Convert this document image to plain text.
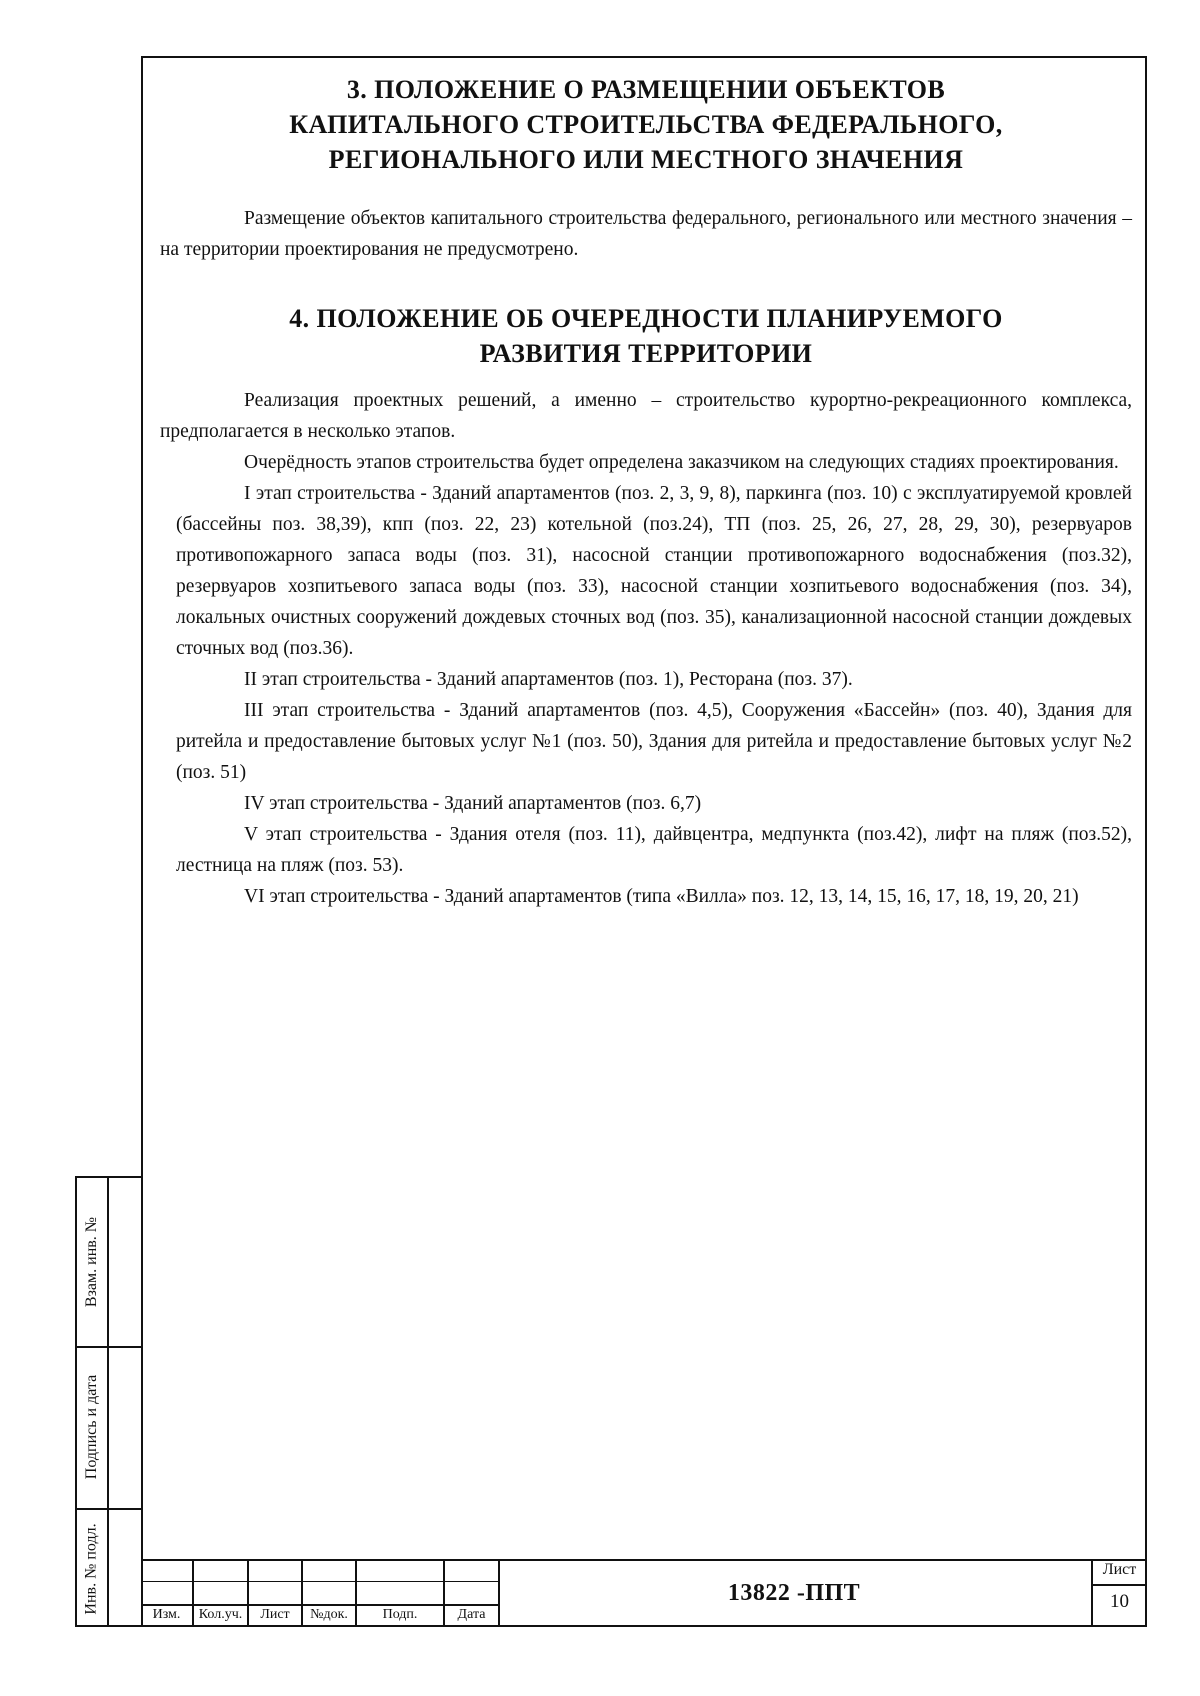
3. ПОЛОЖЕНИЕ О РАЗМЕЩЕНИИ ОБЪЕКТОВ
КАПИТАЛЬНОГО СТРОИТЕЛЬСТВА ФЕДЕРАЛЬНОГО,
РЕГИОНАЛЬНОГО ИЛИ МЕСТНОГО ЗНАЧЕНИЯ

Размещение объектов капитального строительства федерального, регионального или местного значения – на территории проектирования не предусмотрено.

4. ПОЛОЖЕНИЕ ОБ ОЧЕРЕДНОСТИ ПЛАНИРУЕМОГО
РАЗВИТИЯ ТЕРРИТОРИИ

Реализация проектных решений, а именно – строительство курортно-рекреационного комплекса, предполагается в несколько этапов.

Очерёдность этапов строительства будет определена заказчиком на следующих стадиях проектирования.

I этап строительства - Зданий апартаментов (поз. 2, 3, 9, 8), паркинга (поз. 10) с эксплуатируемой кровлей (бассейны поз. 38,39), кпп (поз. 22, 23) котельной (поз.24), ТП (поз. 25, 26, 27, 28, 29, 30), резервуаров противопожарного запаса воды (поз. 31), насосной станции противопожарного водоснабжения (поз.32), резервуаров хозпитьевого запаса воды (поз. 33), насосной станции хозпитьевого водоснабжения (поз. 34), локальных очистных сооружений дождевых сточных вод (поз. 35), канализационной насосной станции дождевых сточных вод (поз.36).

II этап строительства - Зданий апартаментов (поз. 1), Ресторана (поз. 37).

III этап строительства - Зданий апартаментов (поз. 4,5), Сооружения «Бассейн» (поз. 40), Здания для ритейла и предоставление бытовых услуг №1 (поз. 50), Здания для ритейла и предоставление бытовых услуг №2 (поз. 51)

IV этап строительства - Зданий апартаментов (поз. 6,7)

V этап строительства - Здания отеля (поз. 11), дайвцентра, медпункта (поз.42), лифт на пляж (поз.52), лестница на пляж (поз. 53).

VI этап строительства - Зданий апартаментов (типа «Вилла» поз. 12, 13, 14, 15, 16, 17, 18, 19, 20, 21)

Взам. инв. №
Подпись и дата
Инв. № подл.
Изм.	Кол.уч.	Лист	№док.	Подп.	Дата
13822 -ППТ
Лист
10
